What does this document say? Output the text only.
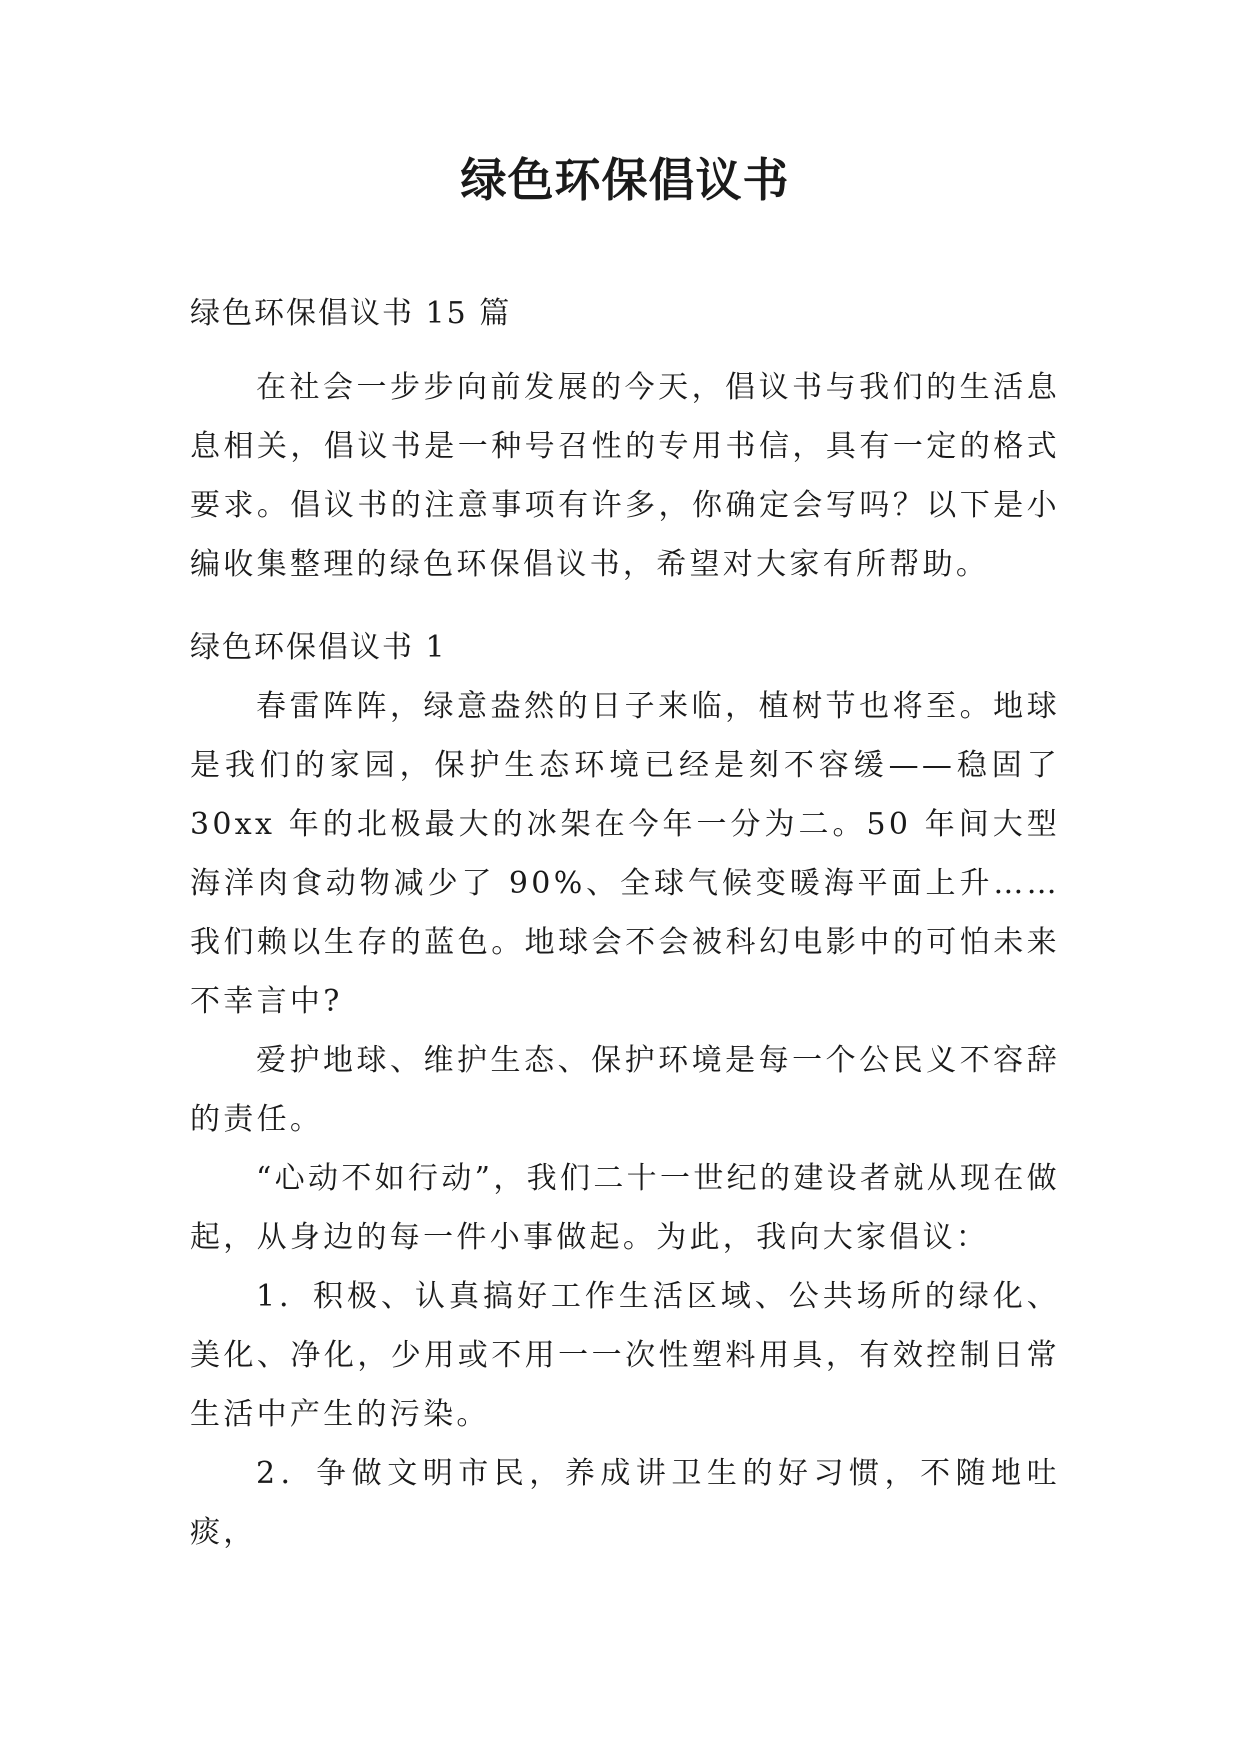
绿色环保倡议书

绿色环保倡议书 15 篇

在社会一步步向前发展的今天，倡议书与我们的生活息息相关，倡议书是一种号召性的专用书信，具有一定的格式要求。倡议书的注意事项有许多，你确定会写吗？以下是小编收集整理的绿色环保倡议书，希望对大家有所帮助。

绿色环保倡议书 1

春雷阵阵，绿意盎然的日子来临，植树节也将至。地球是我们的家园，保护生态环境已经是刻不容缓——稳固了 30xx 年的北极最大的冰架在今年一分为二。50 年间大型海洋肉食动物减少了 90%、全球气候变暖海平面上升……我们赖以生存的蓝色。地球会不会被科幻电影中的可怕未来不幸言中?

爱护地球、维护生态、保护环境是每一个公民义不容辞的责任。

“心动不如行动”，我们二十一世纪的建设者就从现在做起，从身边的每一件小事做起。为此，我向大家倡议：

1．积极、认真搞好工作生活区域、公共场所的绿化、美化、净化，少用或不用一一次性塑料用具，有效控制日常生活中产生的污染。

2．争做文明市民，养成讲卫生的好习惯，不随地吐痰，
